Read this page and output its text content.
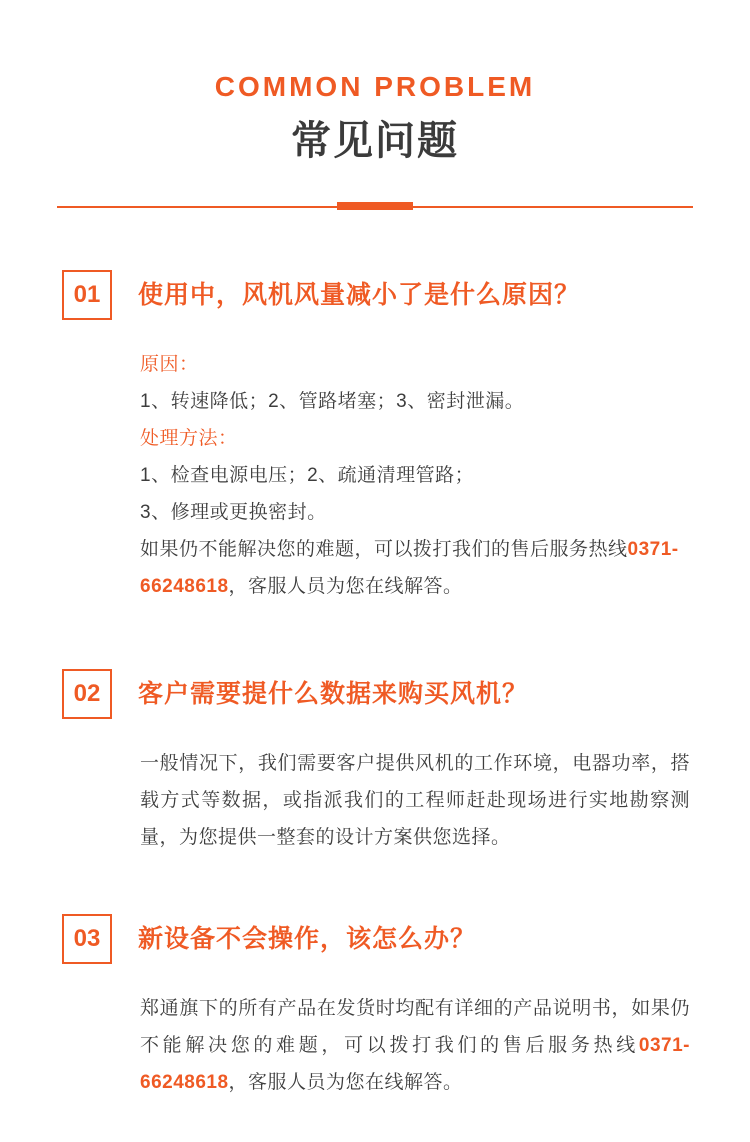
COMMON PROBLEM
常见问题
01	使用中，风机风量减小了是什么原因？

原因：

1、转速降低；2、管路堵塞；3、密封泄漏。

处理方法：

1、检查电源电压；2、疏通清理管路；

3、修理或更换密封。

如果仍不能解决您的难题，可以拨打我们的售后服务热线0371-66248618，客服人员为您在线解答。

02	客户需要提什么数据来购买风机？

一般情况下，我们需要客户提供风机的工作环境，电器功率，搭载方式等数据，或指派我们的工程师赶赴现场进行实地勘察测量，为您提供一整套的设计方案供您选择。

03	新设备不会操作，该怎么办？

郑通旗下的所有产品在发货时均配有详细的产品说明书，如果仍不能解决您的难题，可以拨打我们的售后服务热线0371-66248618，客服人员为您在线解答。
